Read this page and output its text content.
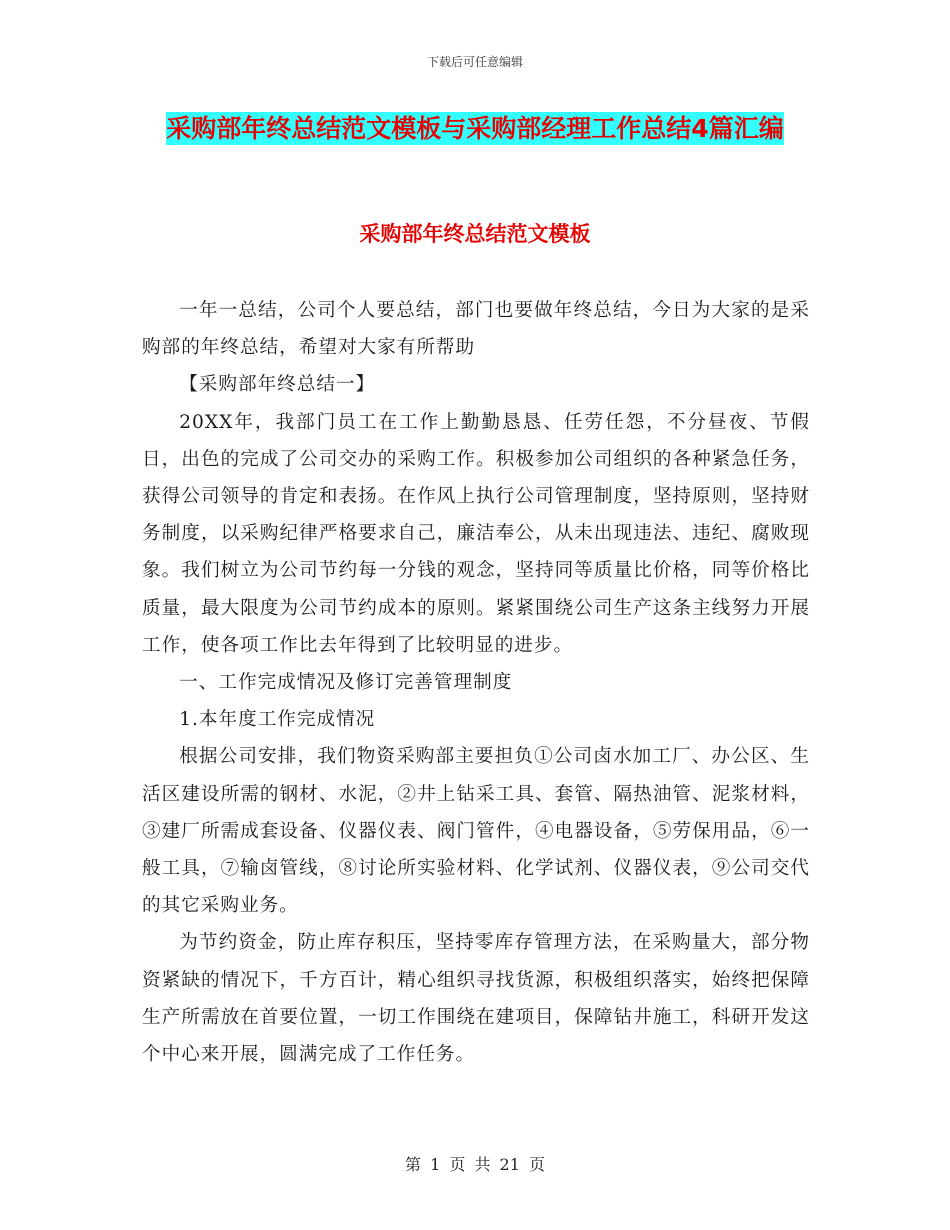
下载后可任意编辑
采购部年终总结范文模板与采购部经理工作总结4篇汇编
采购部年终总结范文模板

一年一总结，公司个人要总结，部门也要做年终总结，今日为大家的是采购部的年终总结，希望对大家有所帮助

【采购部年终总结一】

20XX年，我部门员工在工作上勤勤恳恳、任劳任怨，不分昼夜、节假日，出色的完成了公司交办的采购工作。积极参加公司组织的各种紧急任务，获得公司领导的肯定和表扬。在作风上执行公司管理制度，坚持原则，坚持财务制度，以采购纪律严格要求自己，廉洁奉公，从未出现违法、违纪、腐败现象。我们树立为公司节约每一分钱的观念，坚持同等质量比价格，同等价格比质量，最大限度为公司节约成本的原则。紧紧围绕公司生产这条主线努力开展工作，使各项工作比去年得到了比较明显的进步。

一、工作完成情况及修订完善管理制度

1.本年度工作完成情况

根据公司安排，我们物资采购部主要担负①公司卤水加工厂、办公区、生活区建设所需的钢材、水泥，②井上钻采工具、套管、隔热油管、泥浆材料，③建厂所需成套设备、仪器仪表、阀门管件，④电器设备，⑤劳保用品，⑥一般工具，⑦输卤管线，⑧讨论所实验材料、化学试剂、仪器仪表，⑨公司交代的其它采购业务。

为节约资金，防止库存积压，坚持零库存管理方法，在采购量大，部分物资紧缺的情况下，千方百计，精心组织寻找货源，积极组织落实，始终把保障生产所需放在首要位置，一切工作围绕在建项目，保障钻井施工，科研开发这个中心来开展，圆满完成了工作任务。

第 1 页 共 21 页
